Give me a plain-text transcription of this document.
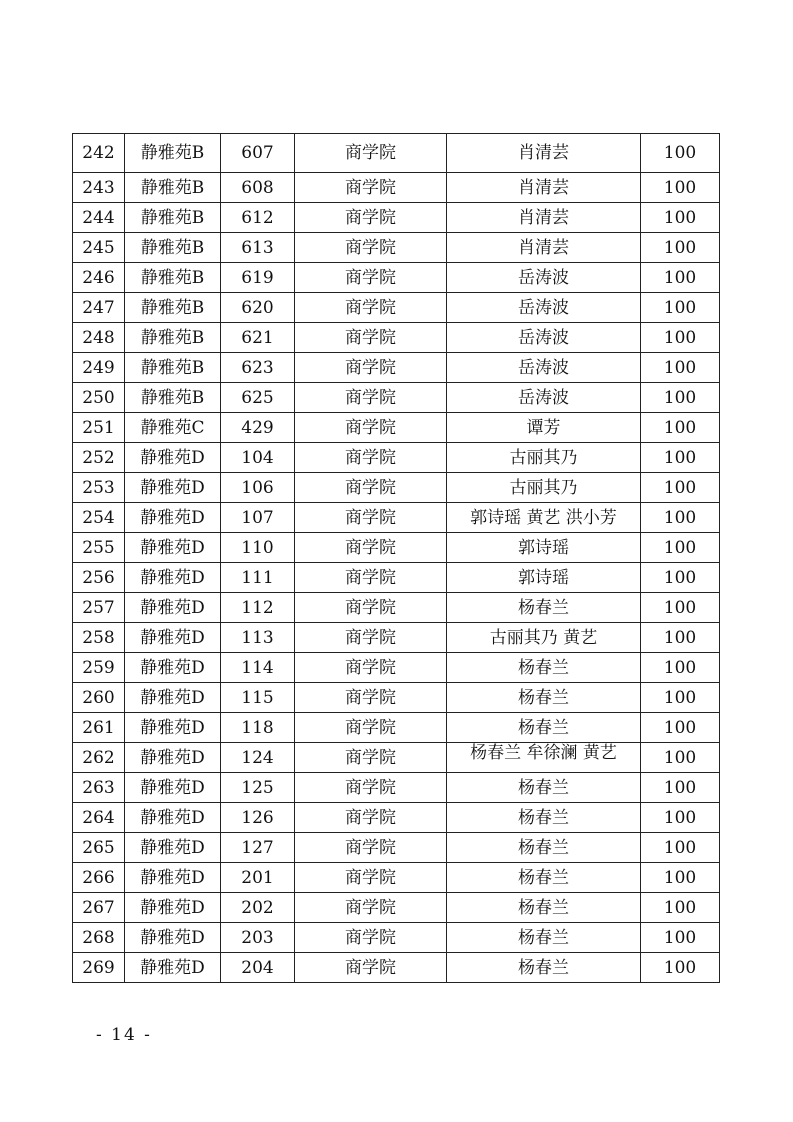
242	静雅苑B	607	商学院	肖清芸	100
243	静雅苑B	608	商学院	肖清芸	100
244	静雅苑B	612	商学院	肖清芸	100
245	静雅苑B	613	商学院	肖清芸	100
246	静雅苑B	619	商学院	岳涛波	100
247	静雅苑B	620	商学院	岳涛波	100
248	静雅苑B	621	商学院	岳涛波	100
249	静雅苑B	623	商学院	岳涛波	100
250	静雅苑B	625	商学院	岳涛波	100
251	静雅苑C	429	商学院	谭芳	100
252	静雅苑D	104	商学院	古丽其乃	100
253	静雅苑D	106	商学院	古丽其乃	100
254	静雅苑D	107	商学院	郭诗瑶 黄艺 洪小芳	100
255	静雅苑D	110	商学院	郭诗瑶	100
256	静雅苑D	111	商学院	郭诗瑶	100
257	静雅苑D	112	商学院	杨春兰	100
258	静雅苑D	113	商学院	古丽其乃 黄艺	100
259	静雅苑D	114	商学院	杨春兰	100
260	静雅苑D	115	商学院	杨春兰	100
261	静雅苑D	118	商学院	杨春兰	100
262	静雅苑D	124	商学院	杨春兰 牟徐澜 黄艺	100
263	静雅苑D	125	商学院	杨春兰	100
264	静雅苑D	126	商学院	杨春兰	100
265	静雅苑D	127	商学院	杨春兰	100
266	静雅苑D	201	商学院	杨春兰	100
267	静雅苑D	202	商学院	杨春兰	100
268	静雅苑D	203	商学院	杨春兰	100
269	静雅苑D	204	商学院	杨春兰	100
- 14 -
